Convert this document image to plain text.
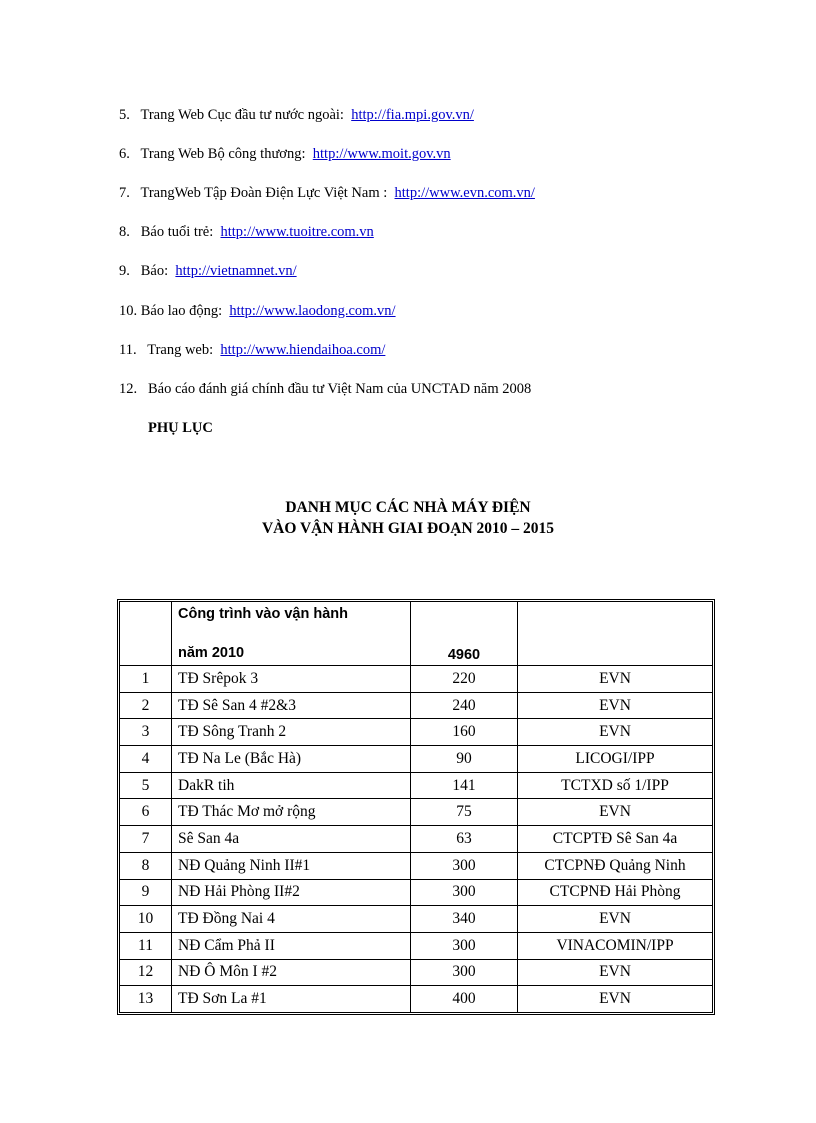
5. Trang Web Cục đầu tư nước ngoài: http://fia.mpi.gov.vn/
6. Trang Web Bộ công thương: http://www.moit.gov.vn
7. TrangWeb Tập Đoàn Điện Lực Việt Nam : http://www.evn.com.vn/
8. Báo tuổi trẻ: http://www.tuoitre.com.vn
9. Báo: http://vietnamnet.vn/
10. Báo lao động: http://www.laodong.com.vn/
11. Trang web: http://www.hiendaihoa.com/
12. Báo cáo đánh giá chính đầu tư Việt Nam của UNCTAD năm 2008
PHỤ LỤC
DANH MỤC CÁC NHÀ MÁY ĐIỆN
VÀO VẬN HÀNH GIAI ĐOẠN 2010 – 2015

	Công trình vào vận hành
năm 2010	4960	

1	TĐ Srêpok 3	220	EVN
2	TĐ Sê San 4 #2&3	240	EVN
3	TĐ Sông Tranh 2	160	EVN
4	TĐ Na Le (Bắc Hà)	90	LICOGI/IPP
5	DakR tih	141	TCTXD số 1/IPP
6	TĐ Thác Mơ mở rộng	75	EVN
7	Sê San 4a	63	CTCPTĐ Sê San 4a
8	NĐ Quảng Ninh II#1	300	CTCPNĐ Quảng Ninh
9	NĐ Hải Phòng II#2	300	CTCPNĐ Hải Phòng
10	TĐ Đồng Nai 4	340	EVN
11	NĐ Cẩm Phả II	300	VINACOMIN/IPP
12	NĐ Ô Môn I #2	300	EVN
13	TĐ Sơn La #1	400	EVN
